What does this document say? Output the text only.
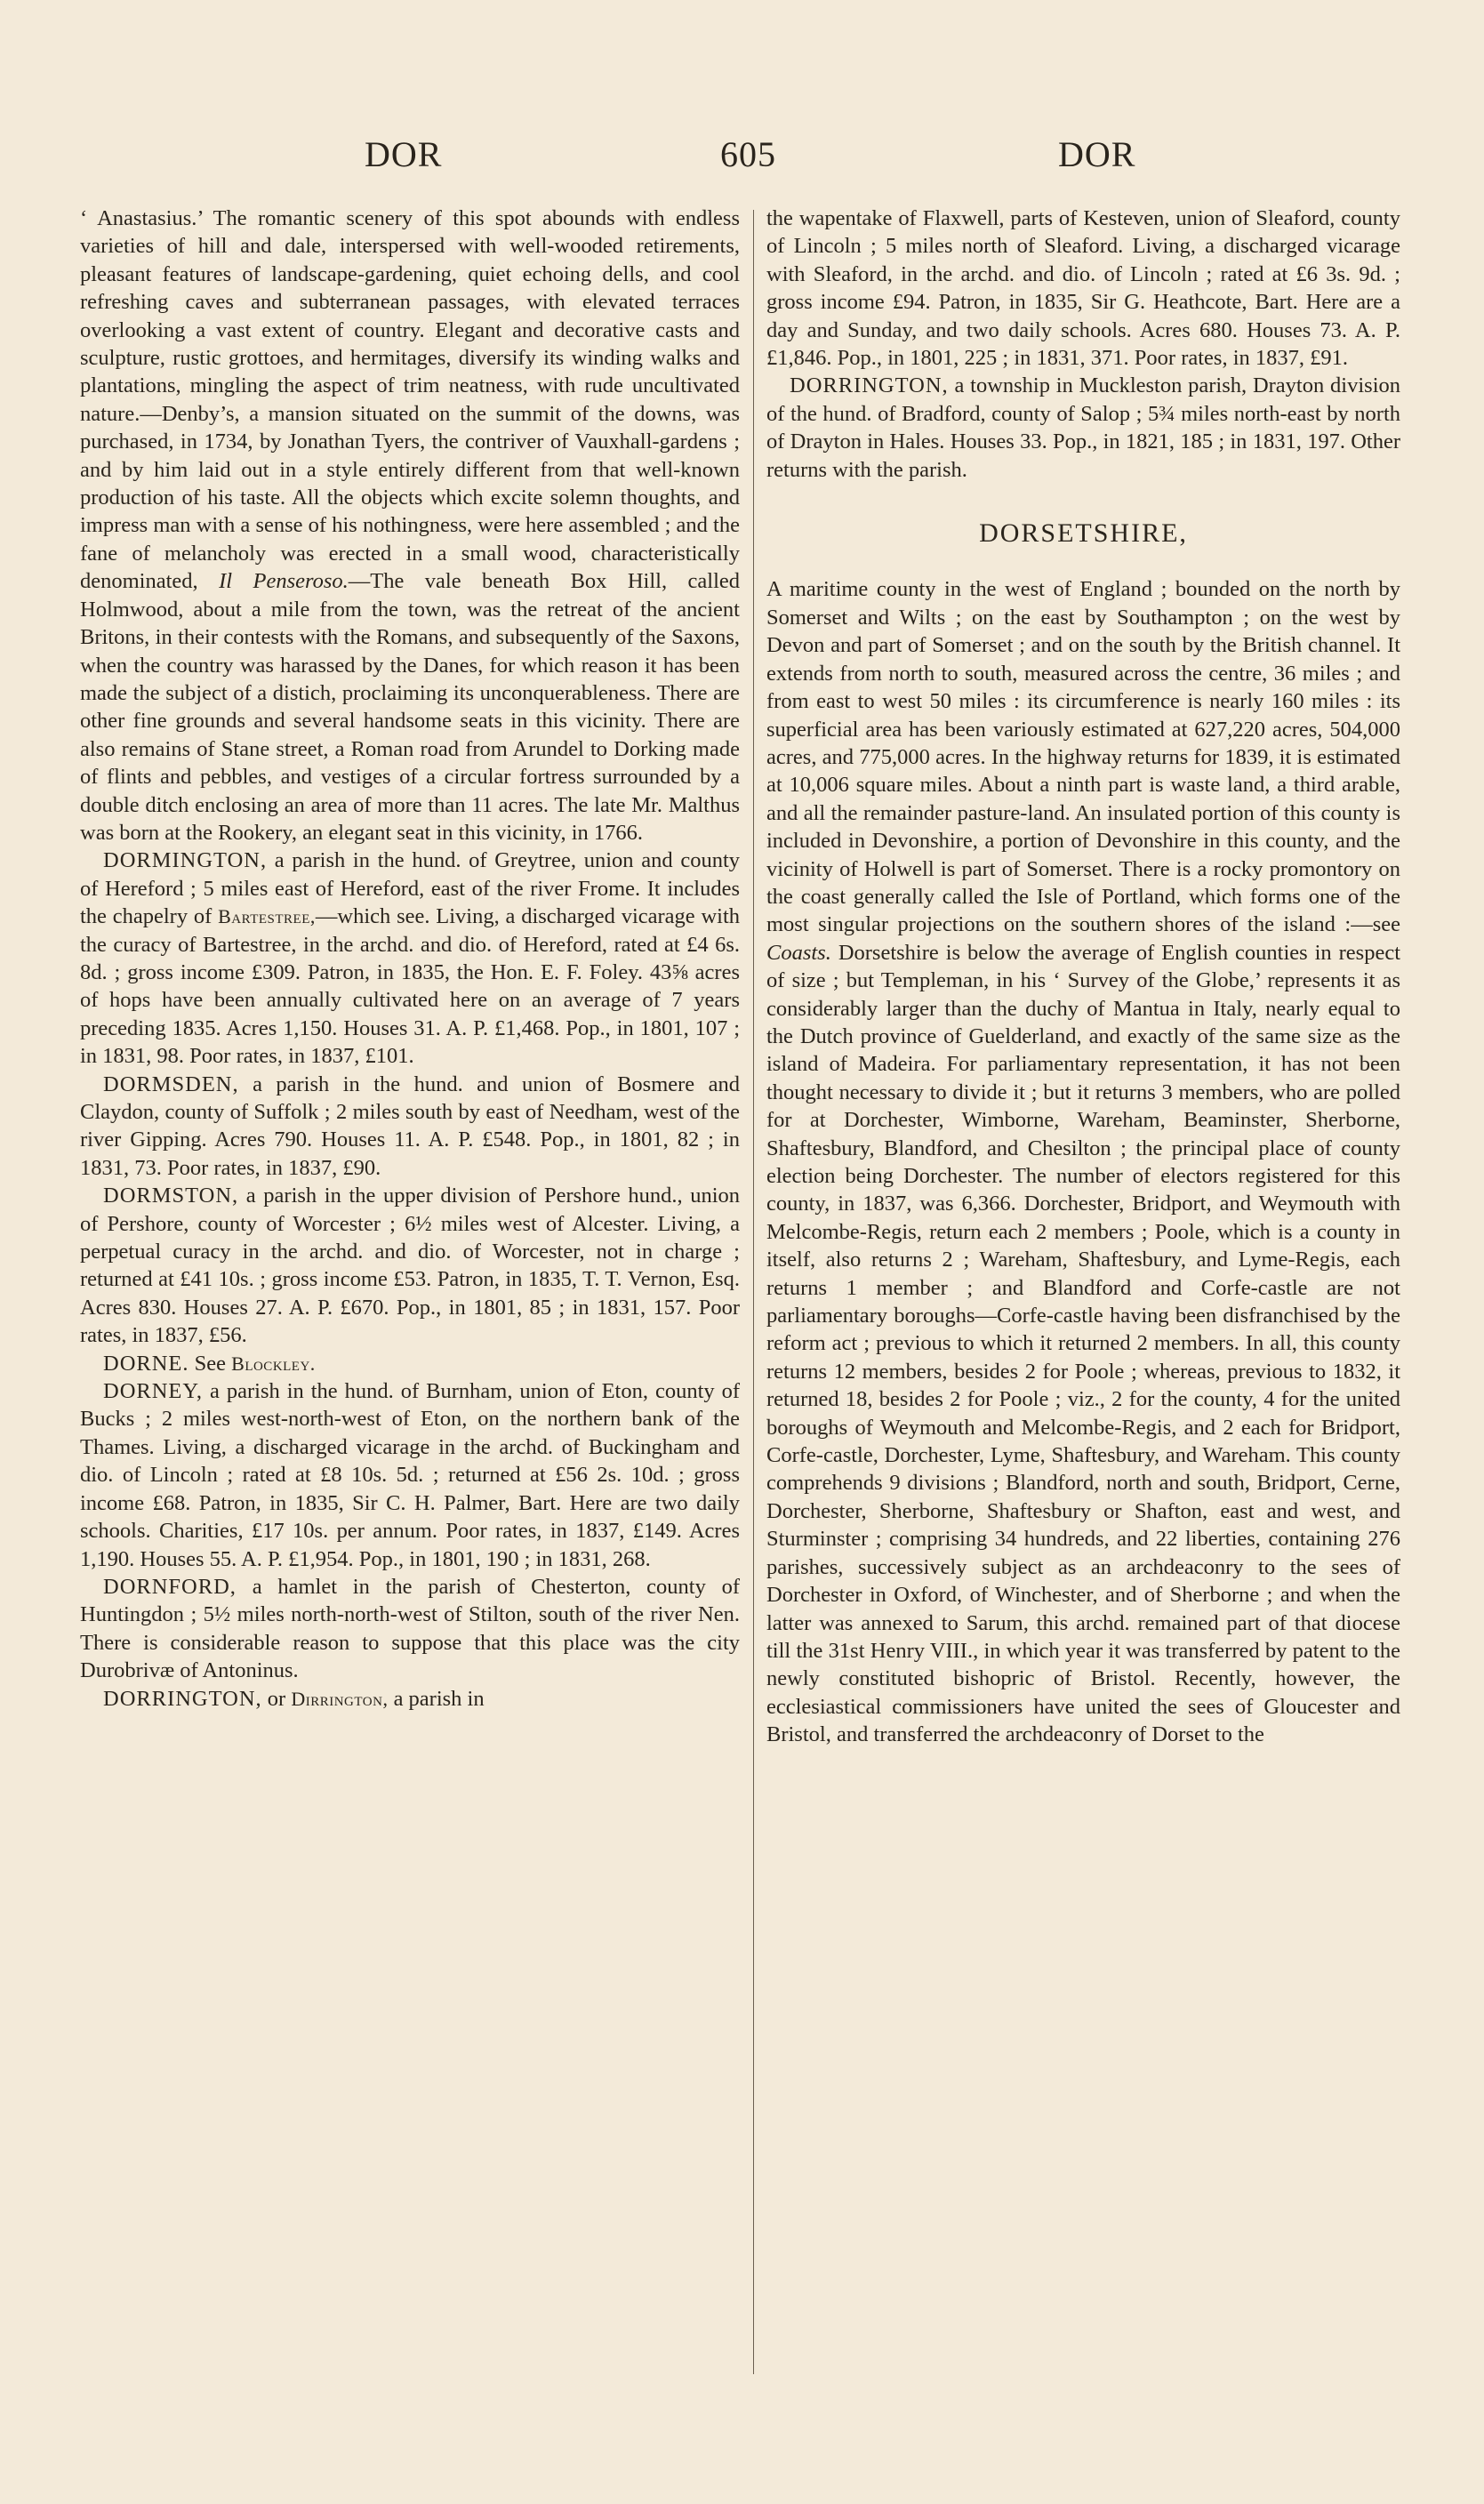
DOR	605	DOR

‘ Anastasius.’ The romantic scenery of this spot abounds with endless varieties of hill and dale, interspersed with well-wooded retirements, pleasant features of landscape-gardening, quiet echoing dells, and cool refreshing caves and subterranean passages, with elevated terraces overlooking a vast extent of country. Elegant and decorative casts and sculpture, rustic grottoes, and hermitages, diversify its winding walks and plantations, mingling the aspect of trim neatness, with rude uncultivated nature.—Denby’s, a mansion situated on the summit of the downs, was purchased, in 1734, by Jonathan Tyers, the contriver of Vauxhall-gardens ; and by him laid out in a style entirely different from that well-known production of his taste. All the objects which excite solemn thoughts, and impress man with a sense of his nothingness, were here assembled ; and the fane of melancholy was erected in a small wood, characteristically denominated, Il Penseroso.—The vale beneath Box Hill, called Holmwood, about a mile from the town, was the retreat of the ancient Britons, in their contests with the Romans, and subsequently of the Saxons, when the country was harassed by the Danes, for which reason it has been made the subject of a distich, proclaiming its unconquerableness. There are other fine grounds and several handsome seats in this vicinity. There are also remains of Stane street, a Roman road from Arundel to Dorking made of flints and pebbles, and vestiges of a circular fortress surrounded by a double ditch enclosing an area of more than 11 acres. The late Mr. Malthus was born at the Rookery, an elegant seat in this vicinity, in 1766.

DORMINGTON, a parish in the hund. of Greytree, union and county of Hereford ; 5 miles east of Hereford, east of the river Frome. It includes the chapelry of Bartestree,—which see. Living, a discharged vicarage with the curacy of Bartestree, in the archd. and dio. of Hereford, rated at £4 6s. 8d. ; gross income £309. Patron, in 1835, the Hon. E. F. Foley. 43⅝ acres of hops have been annually cultivated here on an average of 7 years preceding 1835. Acres 1,150. Houses 31. A. P. £1,468. Pop., in 1801, 107 ; in 1831, 98. Poor rates, in 1837, £101.

DORMSDEN, a parish in the hund. and union of Bosmere and Claydon, county of Suffolk ; 2 miles south by east of Needham, west of the river Gipping. Acres 790. Houses 11. A. P. £548. Pop., in 1801, 82 ; in 1831, 73. Poor rates, in 1837, £90.

DORMSTON, a parish in the upper division of Pershore hund., union of Pershore, county of Worcester ; 6½ miles west of Alcester. Living, a perpetual curacy in the archd. and dio. of Worcester, not in charge ; returned at £41 10s. ; gross income £53. Patron, in 1835, T. T. Vernon, Esq. Acres 830. Houses 27. A. P. £670. Pop., in 1801, 85 ; in 1831, 157. Poor rates, in 1837, £56.

DORNE. See Blockley.

DORNEY, a parish in the hund. of Burnham, union of Eton, county of Bucks ; 2 miles west-north-west of Eton, on the northern bank of the Thames. Living, a discharged vicarage in the archd. of Buckingham and dio. of Lincoln ; rated at £8 10s. 5d. ; returned at £56 2s. 10d. ; gross income £68. Patron, in 1835, Sir C. H. Palmer, Bart. Here are two daily schools. Charities, £17 10s. per annum. Poor rates, in 1837, £149. Acres 1,190. Houses 55. A. P. £1,954. Pop., in 1801, 190 ; in 1831, 268.

DORNFORD, a hamlet in the parish of Chesterton, county of Huntingdon ; 5½ miles north-north-west of Stilton, south of the river Nen. There is considerable reason to suppose that this place was the city Durobrivæ of Antoninus.

DORRINGTON, or Dirrington, a parish in

the wapentake of Flaxwell, parts of Kesteven, union of Sleaford, county of Lincoln ; 5 miles north of Sleaford. Living, a discharged vicarage with Sleaford, in the archd. and dio. of Lincoln ; rated at £6 3s. 9d. ; gross income £94. Patron, in 1835, Sir G. Heathcote, Bart. Here are a day and Sunday, and two daily schools. Acres 680. Houses 73. A. P. £1,846. Pop., in 1801, 225 ; in 1831, 371. Poor rates, in 1837, £91.

DORRINGTON, a township in Muckleston parish, Drayton division of the hund. of Bradford, county of Salop ; 5¾ miles north-east by north of Drayton in Hales. Houses 33. Pop., in 1821, 185 ; in 1831, 197. Other returns with the parish.

DORSETSHIRE,

A maritime county in the west of England ; bounded on the north by Somerset and Wilts ; on the east by Southampton ; on the west by Devon and part of Somerset ; and on the south by the British channel. It extends from north to south, measured across the centre, 36 miles ; and from east to west 50 miles : its circumference is nearly 160 miles : its superficial area has been variously estimated at 627,220 acres, 504,000 acres, and 775,000 acres. In the highway returns for 1839, it is estimated at 10,006 square miles. About a ninth part is waste land, a third arable, and all the remainder pasture-land. An insulated portion of this county is included in Devonshire, a portion of Devonshire in this county, and the vicinity of Holwell is part of Somerset. There is a rocky promontory on the coast generally called the Isle of Portland, which forms one of the most singular projections on the southern shores of the island :—see Coasts. Dorsetshire is below the average of English counties in respect of size ; but Templeman, in his ‘ Survey of the Globe,’ represents it as considerably larger than the duchy of Mantua in Italy, nearly equal to the Dutch province of Guelderland, and exactly of the same size as the island of Madeira. For parliamentary representation, it has not been thought necessary to divide it ; but it returns 3 members, who are polled for at Dorchester, Wimborne, Wareham, Beaminster, Sherborne, Shaftesbury, Blandford, and Chesilton ; the principal place of county election being Dorchester. The number of electors registered for this county, in 1837, was 6,366. Dorchester, Bridport, and Weymouth with Melcombe-Regis, return each 2 members ; Poole, which is a county in itself, also returns 2 ; Wareham, Shaftesbury, and Lyme-Regis, each returns 1 member ; and Blandford and Corfe-castle are not parliamentary boroughs—Corfe-castle having been disfranchised by the reform act ; previous to which it returned 2 members. In all, this county returns 12 members, besides 2 for Poole ; whereas, previous to 1832, it returned 18, besides 2 for Poole ; viz., 2 for the county, 4 for the united boroughs of Weymouth and Melcombe-Regis, and 2 each for Bridport, Corfe-castle, Dorchester, Lyme, Shaftesbury, and Wareham. This county comprehends 9 divisions ; Blandford, north and south, Bridport, Cerne, Dorchester, Sherborne, Shaftesbury or Shafton, east and west, and Sturminster ; comprising 34 hundreds, and 22 liberties, containing 276 parishes, successively subject as an archdeaconry to the sees of Dorchester in Oxford, of Winchester, and of Sherborne ; and when the latter was annexed to Sarum, this archd. remained part of that diocese till the 31st Henry VIII., in which year it was transferred by patent to the newly constituted bishopric of Bristol. Recently, however, the ecclesiastical commissioners have united the sees of Gloucester and Bristol, and transferred the archdeaconry of Dorset to the
